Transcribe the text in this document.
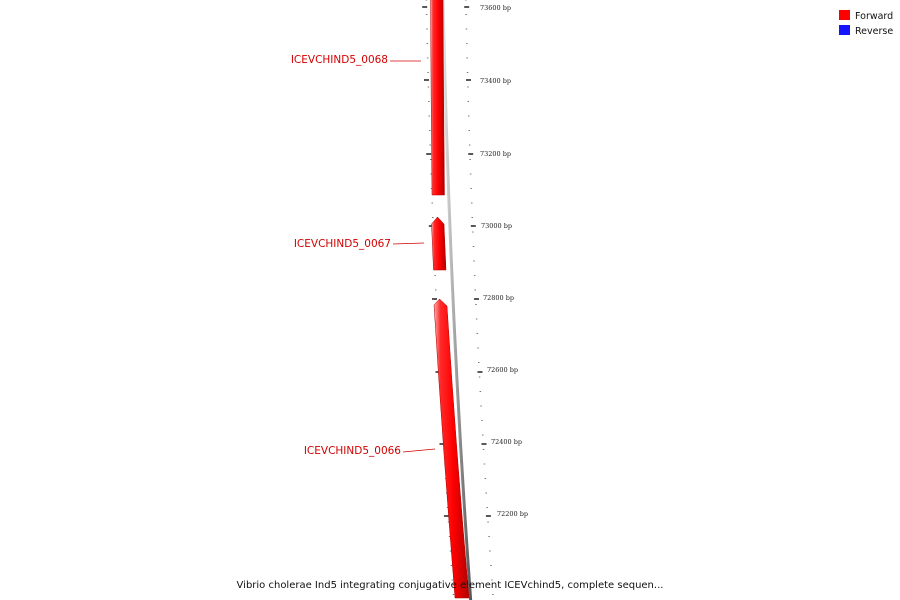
ICEVCHIND5_0068
ICEVCHIND5_0067
ICEVCHIND5_0066
73600 bp
73400 bp
73200 bp
73000 bp
72800 bp
72600 bp
72400 bp
72200 bp
Forward
Reverse
Vibrio cholerae Ind5 integrating conjugative element ICEVchind5, complete sequen...
